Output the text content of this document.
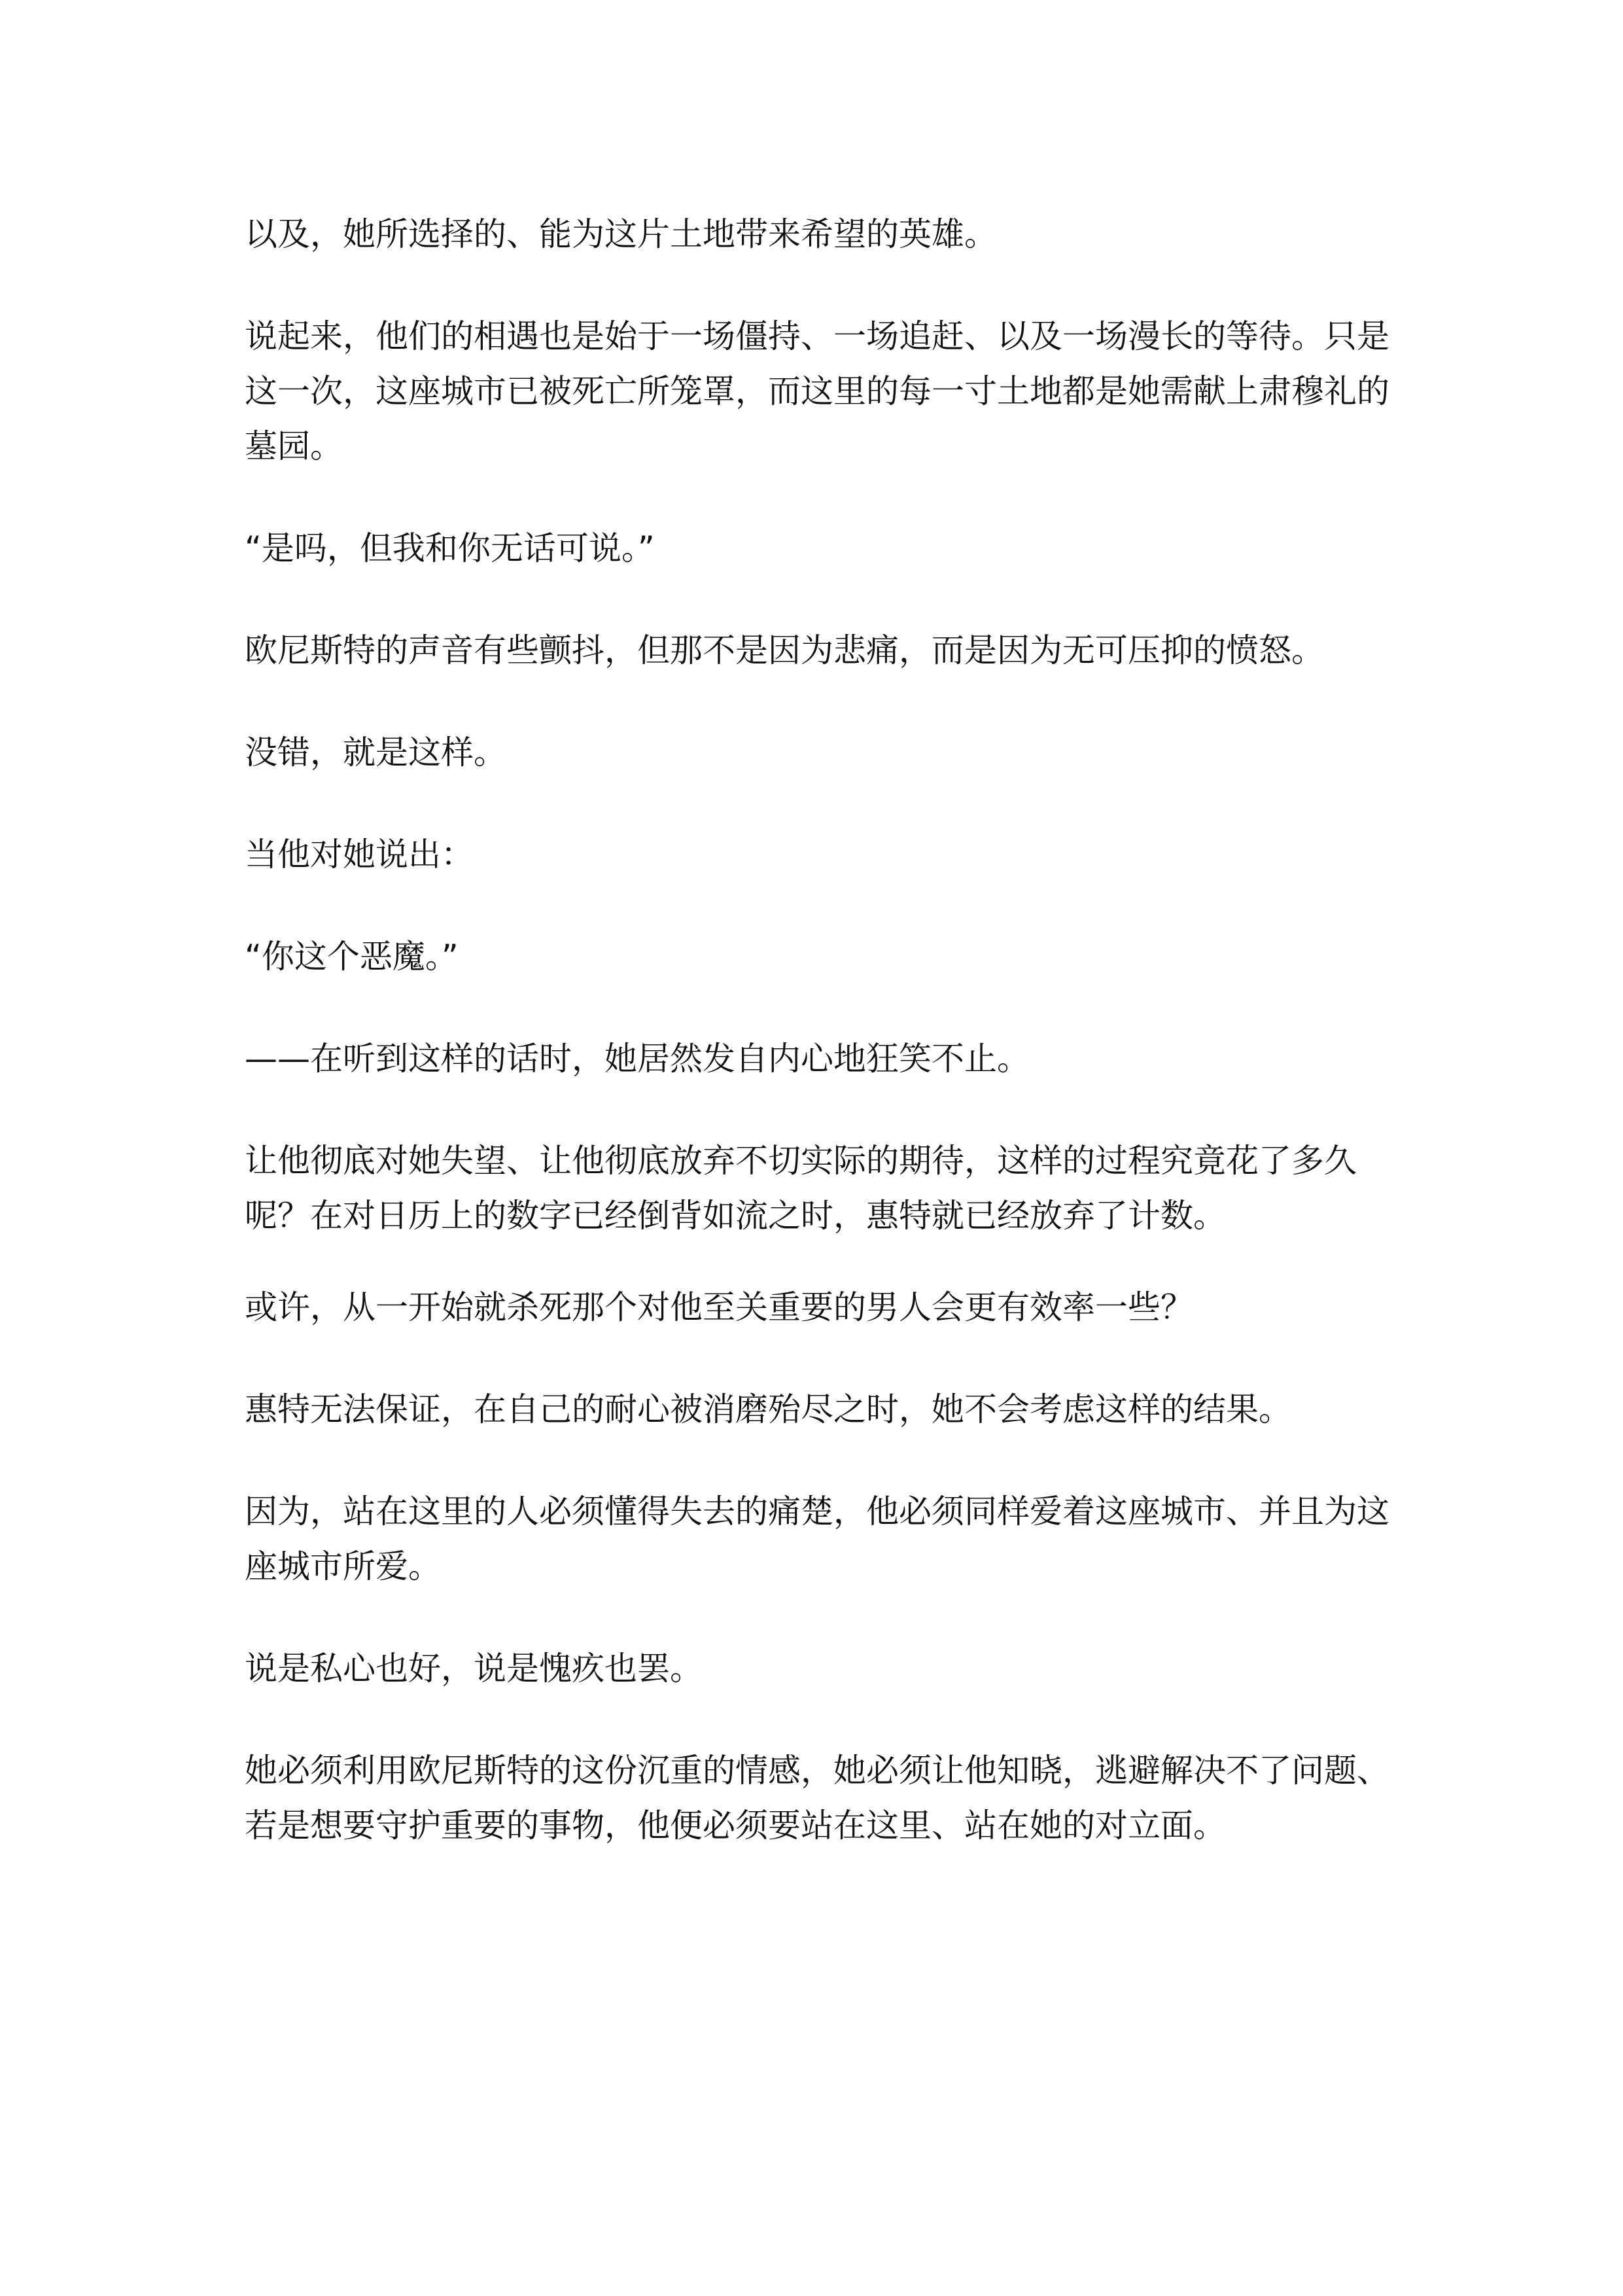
以及，她所选择的、能为这片土地带来希望的英雄。

说起来，他们的相遇也是始于一场僵持、一场追赶、以及一场漫长的等待。只是这一次，这座城市已被死亡所笼罩，而这里的每一寸土地都是她需献上肃穆礼的墓园。

“是吗，但我和你无话可说。”

欧尼斯特的声音有些颤抖，但那不是因为悲痛，而是因为无可压抑的愤怒。

没错，就是这样。

当他对她说出：

“你这个恶魔。”

——在听到这样的话时，她居然发自内心地狂笑不止。

让他彻底对她失望、让他彻底放弃不切实际的期待，这样的过程究竟花了多久呢？在对日历上的数字已经倒背如流之时，惠特就已经放弃了计数。

或许，从一开始就杀死那个对他至关重要的男人会更有效率一些？

惠特无法保证，在自己的耐心被消磨殆尽之时，她不会考虑这样的结果。

因为，站在这里的人必须懂得失去的痛楚，他必须同样爱着这座城市、并且为这座城市所爱。

说是私心也好，说是愧疚也罢。

她必须利用欧尼斯特的这份沉重的情感，她必须让他知晓，逃避解决不了问题、若是想要守护重要的事物，他便必须要站在这里、站在她的对立面。
